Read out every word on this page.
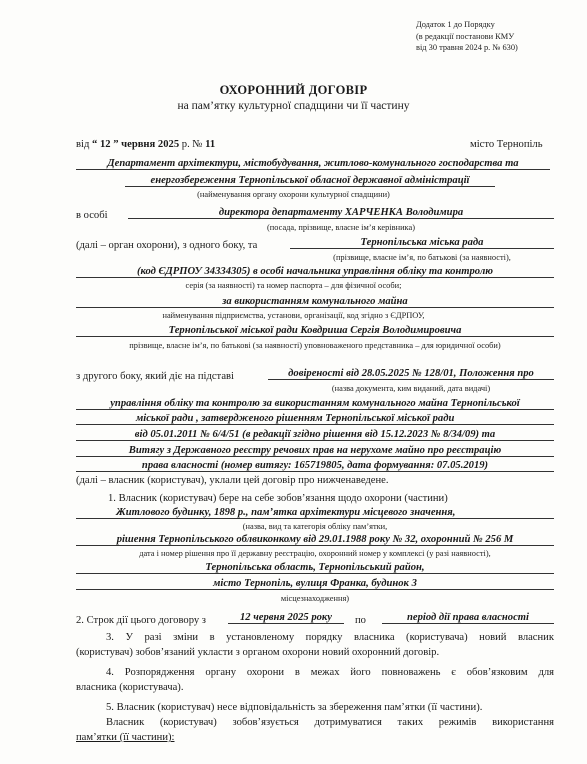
Додаток 1 до Порядку
(в редакції постанови КМУ
від 30 травня 2024 р. № 630)
ОХОРОННИЙ ДОГОВІР
на пам’ятку культурної спадщини чи її частину
від “ 12 ” червня 2025 р. № 11	місто Тернопіль
Департамент архітектури, містобудування, житлово-комунального господарства та
енергозбереження Тернопільської обласної державної адміністрації
(найменування органу охорони культурної спадщини)
в особі	директора департаменту ХАРЧЕНКА Володимира
(посада, прізвище, власне ім’я керівника)
(далі – орган охорони), з одного боку, та	Тернопільська міська рада
(прізвище, власне ім’я, по батькові (за наявності),
(код ЄДРПОУ 34334305) в особі начальника управління обліку та контролю
серія (за наявності) та номер паспорта – для фізичної особи;
за використанням комунального майна
найменування підприємства, установи, організації, код згідно з ЄДРПОУ,
Тернопільської міської ради Ковдриша Сергія Володимировича
прізвище, власне ім’я, по батькові (за наявності) уповноваженого представника – для юридичної особи)
з другого боку, який діє на підставі	довіреності від 28.05.2025 № 128/01, Положення про
(назва документа, ким виданий, дата видачі)
управління обліку та контролю за використанням комунального майна Тернопільської
міської ради , затвердженого рішенням Тернопільської міської ради
від 05.01.2011 № 6/4/51 (в редакції згідно рішення від 15.12.2023 № 8/34/09) та
Витягу з Державного реєстру речових прав на нерухоме майно про реєстрацію
права власності (номер витягу: 165719805, дата формування: 07.05.2019)
(далі – власник (користувач), уклали цей договір про нижченаведене.
1. Власник (користувач) бере на себе зобов’язання щодо охорони (частини)
Житлового будинку, 1898 р., пам’ятка архітектури місцевого значення,
(назва, вид та категорія обліку пам’ятки,
рішення Тернопільського облвиконкому від 29.01.1988 року № 32, охоронний № 256 М
дата і номер рішення про її державну реєстрацію, охоронний номер у комплексі (у разі наявності),
Тернопільська область, Тернопільський район,
місто Тернопіль, вулиця Франка, будинок 3
місцезнаходження)
2. Строк дії цього договору з	12 червня 2025 року	по	період дії права власності
3. У разі зміни в установленому порядку власника (користувача) новий власник
(користувач) зобов’язаний укласти з органом охорони новий охоронний договір.
4. Розпорядження органу охорони в межах його повноважень є обов’язковим для
власника (користувача).
5. Власник (користувач) несе відповідальність за збереження пам’ятки (її частини).
Власник (користувач) зобов’язується дотримуватися таких режимів використання
пам’ятки (її частини):
